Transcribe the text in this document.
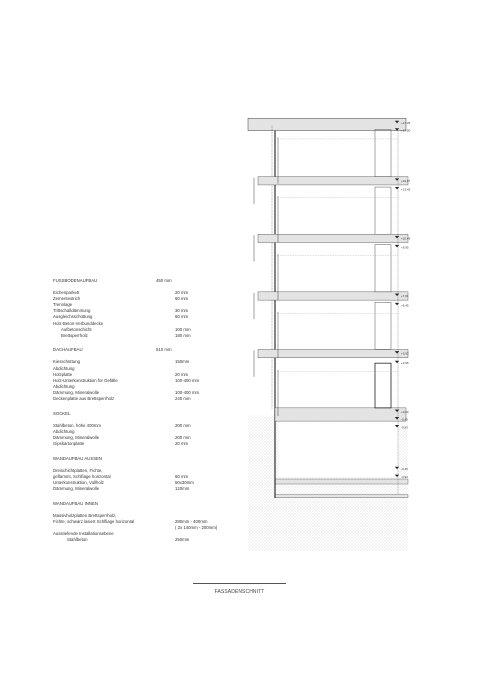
FUSSBODENAUFBAU	450 mm
Eichenparkett	20 mm
Zementestrich	60 mm
Trennlage
Trittschalldämmung	30 mm
Ausgleichsschüttung	60 mm
Holz-Beton-Verbunddecke
Aufbetonschicht	100 mm
Brettsperrholz	180 mm
DACHAUFBAU	510 mm
Kiesschüttung	150mm
Abdichtung
Holzplatte	20 mm
Holz-Unterkonstruktion für Gefälle	100-400 mm
Abdichtung
Dämmung, Mineralwolle	100-400 mm
Deckenplatte aus Brettsperrholz	240 mm
SOCKEL
Stahlbeton, höhe 400mm	200 mm
Abdichtung
Dämmung, Mineralwolle	200 mm
Gipskartonplatte	20 mm
WANDAUFBAU AUSSEN
Dreischichtplatten, Fichte,
geflammt, Schlfiage horizontal	60 mm
Unterkonstruktion, Vollholz	50x30mm
Dämmung, Mineralwolle	120mm
WANDAUFBAU INNEN
Massivholzplatten Brettsperrholz,
Fichte, schwarz lasiert Schlfiage horizontal	280mm - 400mm

( 2x 140mm - 200mm)
Ausstiefende Installationsebene
Stahlbeton	250mm
+17,45
+17,00
+13,97
+13,45
+10,49
+9,95
+7,01
+6,45
+3,53
+2,95
+0,00
-0,45
-0,93
-3,45
-3,93
FASSADENSCHNITT
